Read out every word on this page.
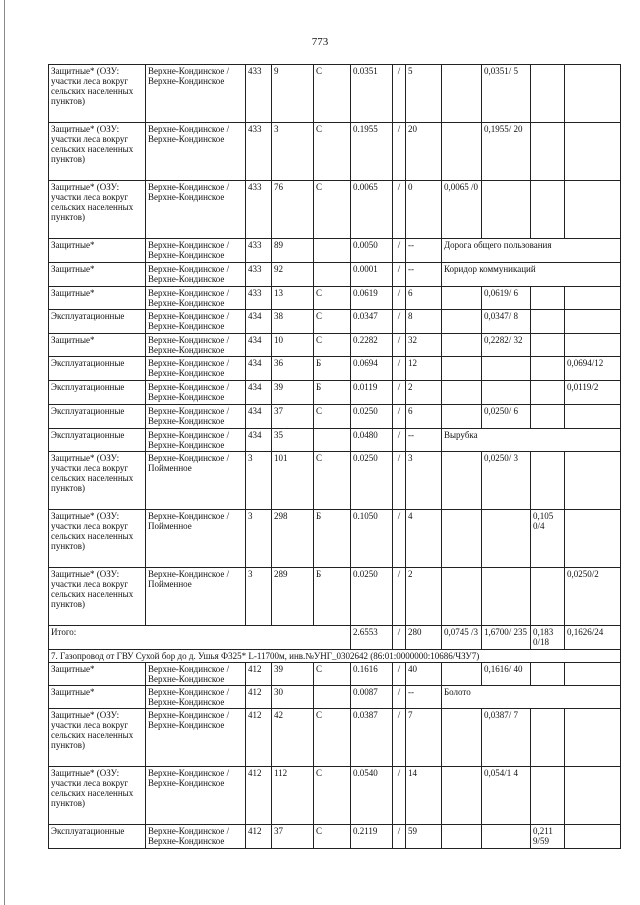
773
Защитные* (ОЗУ: участки леса вокруг сельских населенных пунктов)	Верхне-Кондинское / Верхне-Кондинское	433	9	С	0.0351	/	5		0,0351/ 5		
Защитные* (ОЗУ: участки леса вокруг сельских населенных пунктов)	Верхне-Кондинское / Верхне-Кондинское	433	3	С	0.1955	/	20		0,1955/ 20		
Защитные* (ОЗУ: участки леса вокруг сельских населенных пунктов)	Верхне-Кондинское / Верхне-Кондинское	433	76	С	0.0065	/	0	0,0065 /0			
Защитные*	Верхне-Кондинское / Верхне-Кондинское	433	89		0.0050	/	--	Дорога общего пользования			
Защитные*	Верхне-Кондинское / Верхне-Кондинское	433	92		0.0001	/	--	Коридор коммуникаций			
Защитные*	Верхне-Кондинское / Верхне-Кондинское	433	13	С	0.0619	/	6		0,0619/ 6		
Эксплуатационные	Верхне-Кондинское / Верхне-Кондинское	434	38	С	0.0347	/	8		0,0347/ 8		
Защитные*	Верхне-Кондинское / Верхне-Кондинское	434	10	С	0.2282	/	32		0,2282/ 32		
Эксплуатационные	Верхне-Кондинское / Верхне-Кондинское	434	36	Б	0.0694	/	12				0,0694/12
Эксплуатационные	Верхне-Кондинское / Верхне-Кондинское	434	39	Б	0.0119	/	2				0,0119/2
Эксплуатационные	Верхне-Кондинское / Верхне-Кондинское	434	37	С	0.0250	/	6		0,0250/ 6		
Эксплуатационные	Верхне-Кондинское / Верхне-Кондинское	434	35		0.0480	/	--	Вырубка			
Защитные* (ОЗУ: участки леса вокруг сельских населенных пунктов)	Верхне-Кондинское / Пойменное	3	101	С	0.0250	/	3		0,0250/ 3		
Защитные* (ОЗУ: участки леса вокруг сельских населенных пунктов)	Верхне-Кондинское / Пойменное	3	298	Б	0.1050	/	4			0,105 0/4	
Защитные* (ОЗУ: участки леса вокруг сельских населенных пунктов)	Верхне-Кондинское / Пойменное	3	289	Б	0.0250	/	2				0,0250/2
Итого:					2.6553	/	280	0,0745 /3	1,6700/ 235	0,183 0/18	0,1626/24
7. Газопровод от ГВУ Сухой бор до д. Ушья Ф325* L-11700м, инв.№УНГ_0302642 (86:01:0000000:10686/ЧЗУ7)											
Защитные*	Верхне-Кондинское / Верхне-Кондинское	412	39	С	0.1616	/	40		0,1616/ 40		
Защитные*	Верхне-Кондинское / Верхне-Кондинское	412	30		0.0087	/	--	Болото			
Защитные* (ОЗУ: участки леса вокруг сельских населенных пунктов)	Верхне-Кондинское / Верхне-Кондинское	412	42	С	0.0387	/	7		0,0387/ 7		
Защитные* (ОЗУ: участки леса вокруг сельских населенных пунктов)	Верхне-Кондинское / Верхне-Кондинское	412	112	С	0.0540	/	14		0,054/1 4		
Эксплуатационные	Верхне-Кондинское / Верхне-Кондинское	412	37	С	0.2119	/	59			0,211 9/59	
